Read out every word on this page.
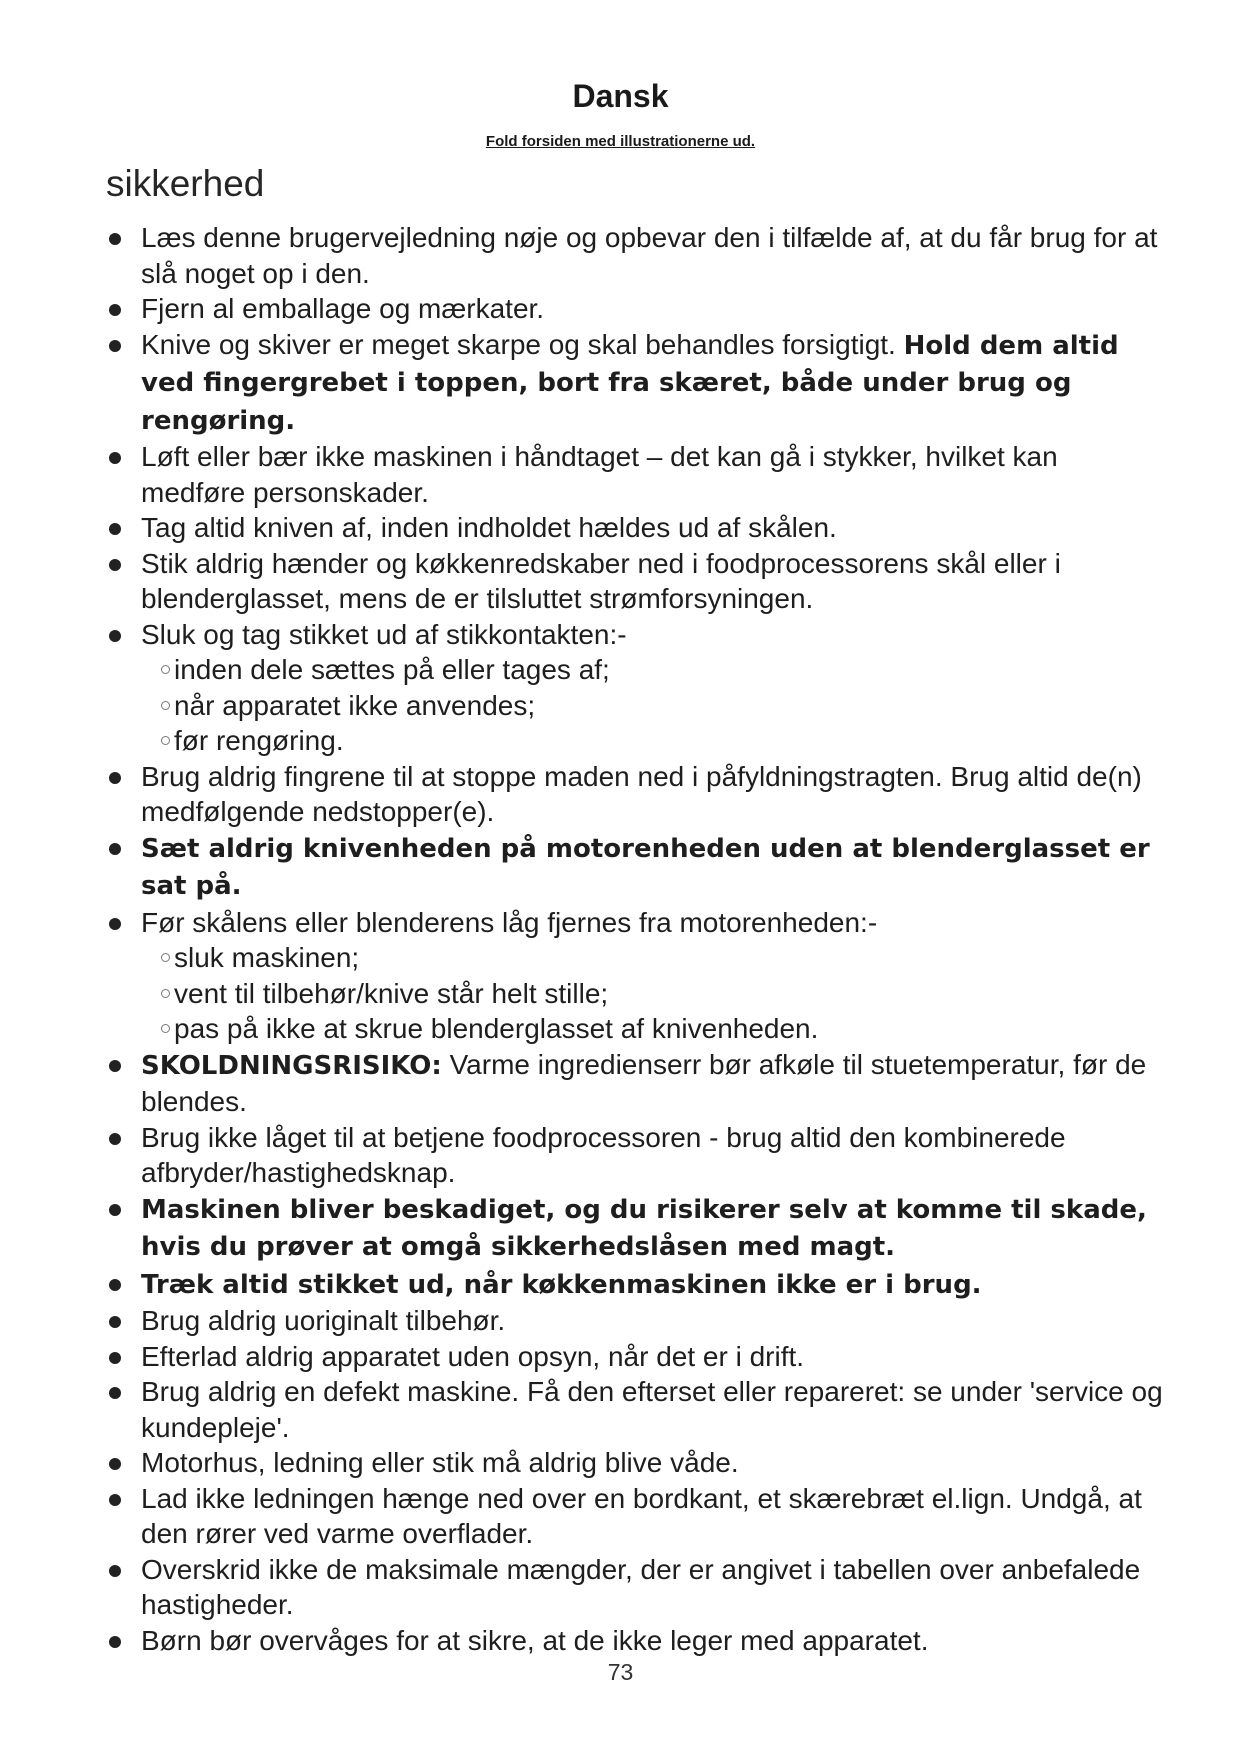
Dansk
Fold forsiden med illustrationerne ud.
sikkerhed
Læs denne brugervejledning nøje og opbevar den i tilfælde af, at du får brug for at slå noget op i den.
Fjern al emballage og mærkater.
Knive og skiver er meget skarpe og skal behandles forsigtigt. Hold dem altid ved fingergrebet i toppen, bort fra skæret, både under brug og rengøring.
Løft eller bær ikke maskinen i håndtaget – det kan gå i stykker, hvilket kan medføre personskader.
Tag altid kniven af, inden indholdet hældes ud af skålen.
Stik aldrig hænder og køkkenredskaber ned i foodprocessorens skål eller i blenderglasset, mens de er tilsluttet strømforsyningen.
Sluk og tag stikket ud af stikkontakten:-
inden dele sættes på eller tages af;
når apparatet ikke anvendes;
før rengøring.
Brug aldrig fingrene til at stoppe maden ned i påfyldningstragten. Brug altid de(n) medfølgende nedstopper(e).
Sæt aldrig knivenheden på motorenheden uden at blenderglasset er sat på.
Før skålens eller blenderens låg fjernes fra motorenheden:-
sluk maskinen;
vent til tilbehør/knive står helt stille;
pas på ikke at skrue blenderglasset af knivenheden.
SKOLDNINGSRISIKO: Varme ingredienserr bør afkøle til stuetemperatur, før de blendes.
Brug ikke låget til at betjene foodprocessoren - brug altid den kombinerede afbryder/hastighedsknap.
Maskinen bliver beskadiget, og du risikerer selv at komme til skade, hvis du prøver at omgå sikkerhedslåsen med magt.
Træk altid stikket ud, når køkkenmaskinen ikke er i brug.
Brug aldrig uoriginalt tilbehør.
Efterlad aldrig apparatet uden opsyn, når det er i drift.
Brug aldrig en defekt maskine. Få den efterset eller repareret: se under 'service og kundepleje'.
Motorhus, ledning eller stik må aldrig blive våde.
Lad ikke ledningen hænge ned over en bordkant, et skærebræt el.lign. Undgå, at den rører ved varme overflader.
Overskrid ikke de maksimale mængder, der er angivet i tabellen over anbefalede hastigheder.
Børn bør overvåges for at sikre, at de ikke leger med apparatet.
73
